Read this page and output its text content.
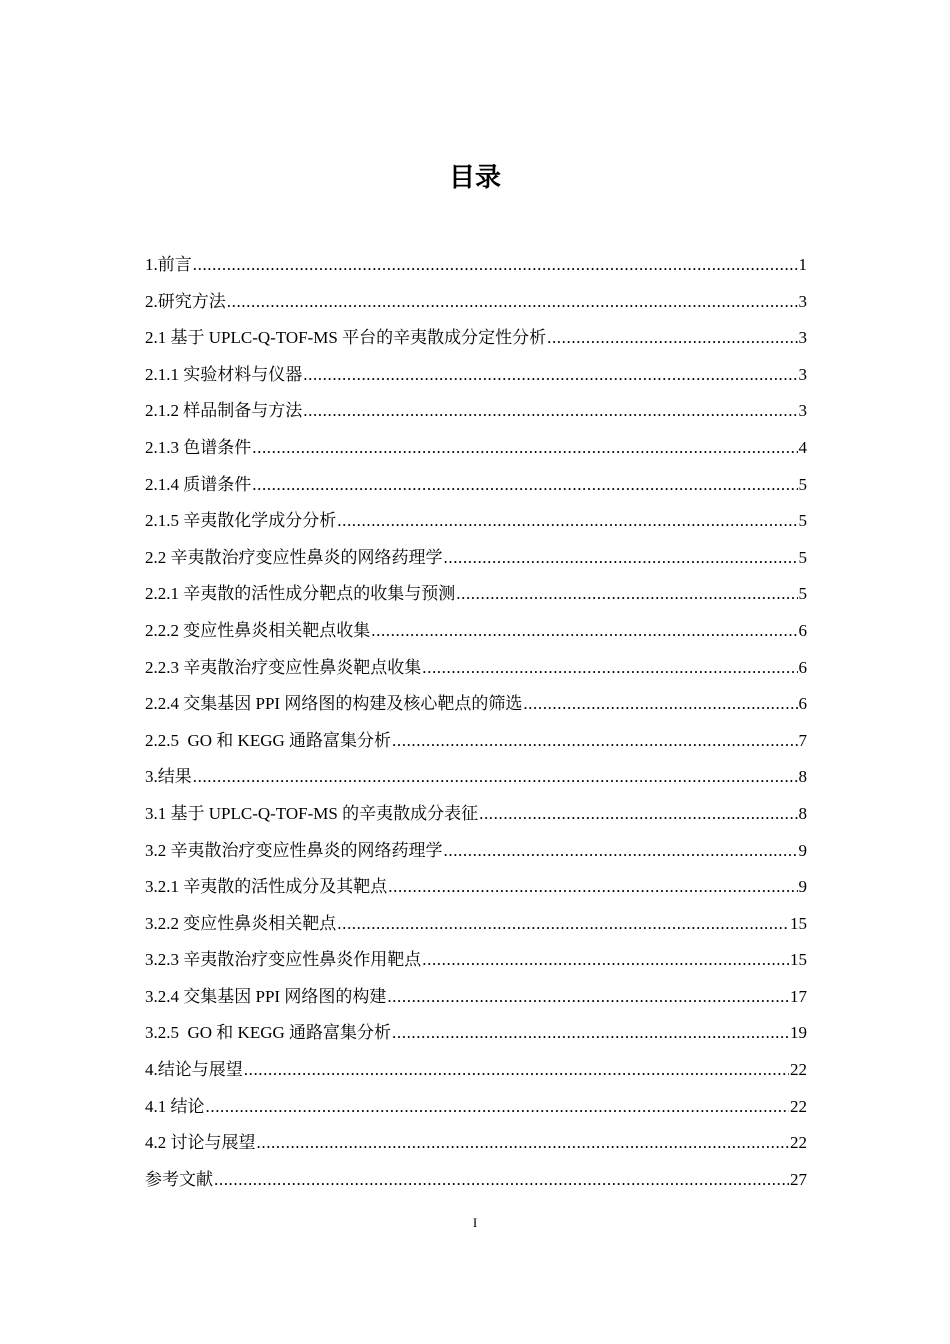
目录
1.前言 .....	1
2.研究方法 .....	3
2.1 基于 UPLC-Q-TOF-MS 平台的辛夷散成分定性分析 .....	3
2.1.1 实验材料与仪器 .....	3
2.1.2 样品制备与方法 .....	3
2.1.3 色谱条件 .....	4
2.1.4 质谱条件 .....	5
2.1.5 辛夷散化学成分分析 .....	5
2.2 辛夷散治疗变应性鼻炎的网络药理学 .....	5
2.2.1 辛夷散的活性成分靶点的收集与预测 .....	5
2.2.2 变应性鼻炎相关靶点收集 .....	6
2.2.3 辛夷散治疗变应性鼻炎靶点收集 .....	6
2.2.4 交集基因 PPI 网络图的构建及核心靶点的筛选 .....	6
2.2.5  GO 和 KEGG 通路富集分析 .....	7
3.结果 .....	8
3.1 基于 UPLC-Q-TOF-MS 的辛夷散成分表征 .....	8
3.2 辛夷散治疗变应性鼻炎的网络药理学 .....	9
3.2.1 辛夷散的活性成分及其靶点 .....	9
3.2.2 变应性鼻炎相关靶点 .....	15
3.2.3 辛夷散治疗变应性鼻炎作用靶点 .....	15
3.2.4 交集基因 PPI 网络图的构建 .....	17
3.2.5  GO 和 KEGG 通路富集分析 .....	19
4.结论与展望 .....	22
4.1 结论 .....	22
4.2 讨论与展望 .....	22
参考文献 .....	27
I
